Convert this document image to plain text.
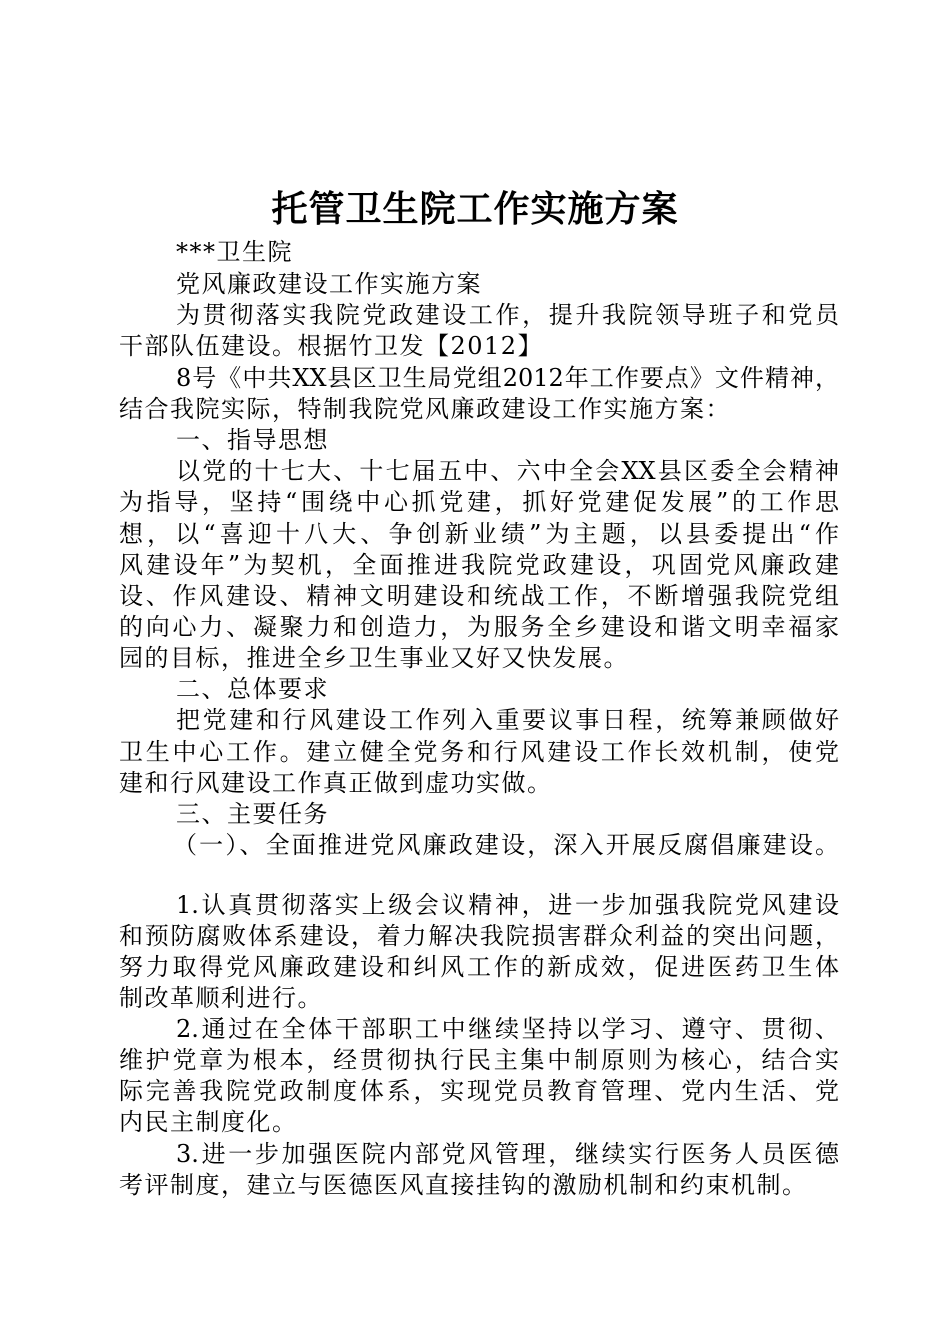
托管卫生院工作实施方案
***卫生院
党风廉政建设工作实施方案
为贯彻落实我院党政建设工作，提升我院领导班子和党员
干部队伍建设。根据竹卫发【2012】
8号《中共XX县区卫生局党组2012年工作要点》文件精神，
结合我院实际，特制我院党风廉政建设工作实施方案：
一、指导思想
以党的十七大、十七届五中、六中全会XX县区委全会精神
为指导，坚持“围绕中心抓党建，抓好党建促发展”的工作思
想，以“喜迎十八大、争创新业绩”为主题，以县委提出“作
风建设年”为契机，全面推进我院党政建设，巩固党风廉政建
设、作风建设、精神文明建设和统战工作，不断增强我院党组
的向心力、凝聚力和创造力，为服务全乡建设和谐文明幸福家
园的目标，推进全乡卫生事业又好又快发展。
二、总体要求
把党建和行风建设工作列入重要议事日程，统筹兼顾做好
卫生中心工作。建立健全党务和行风建设工作长效机制，使党
建和行风建设工作真正做到虚功实做。
三、主要任务
（一）、全面推进党风廉政建设，深入开展反腐倡廉建设。
1.认真贯彻落实上级会议精神，进一步加强我院党风建设
和预防腐败体系建设，着力解决我院损害群众利益的突出问题，
努力取得党风廉政建设和纠风工作的新成效，促进医药卫生体
制改革顺利进行。
2.通过在全体干部职工中继续坚持以学习、遵守、贯彻、
维护党章为根本，经贯彻执行民主集中制原则为核心，结合实
际完善我院党政制度体系，实现党员教育管理、党内生活、党
内民主制度化。
3.进一步加强医院内部党风管理，继续实行医务人员医德
考评制度，建立与医德医风直接挂钩的激励机制和约束机制。
